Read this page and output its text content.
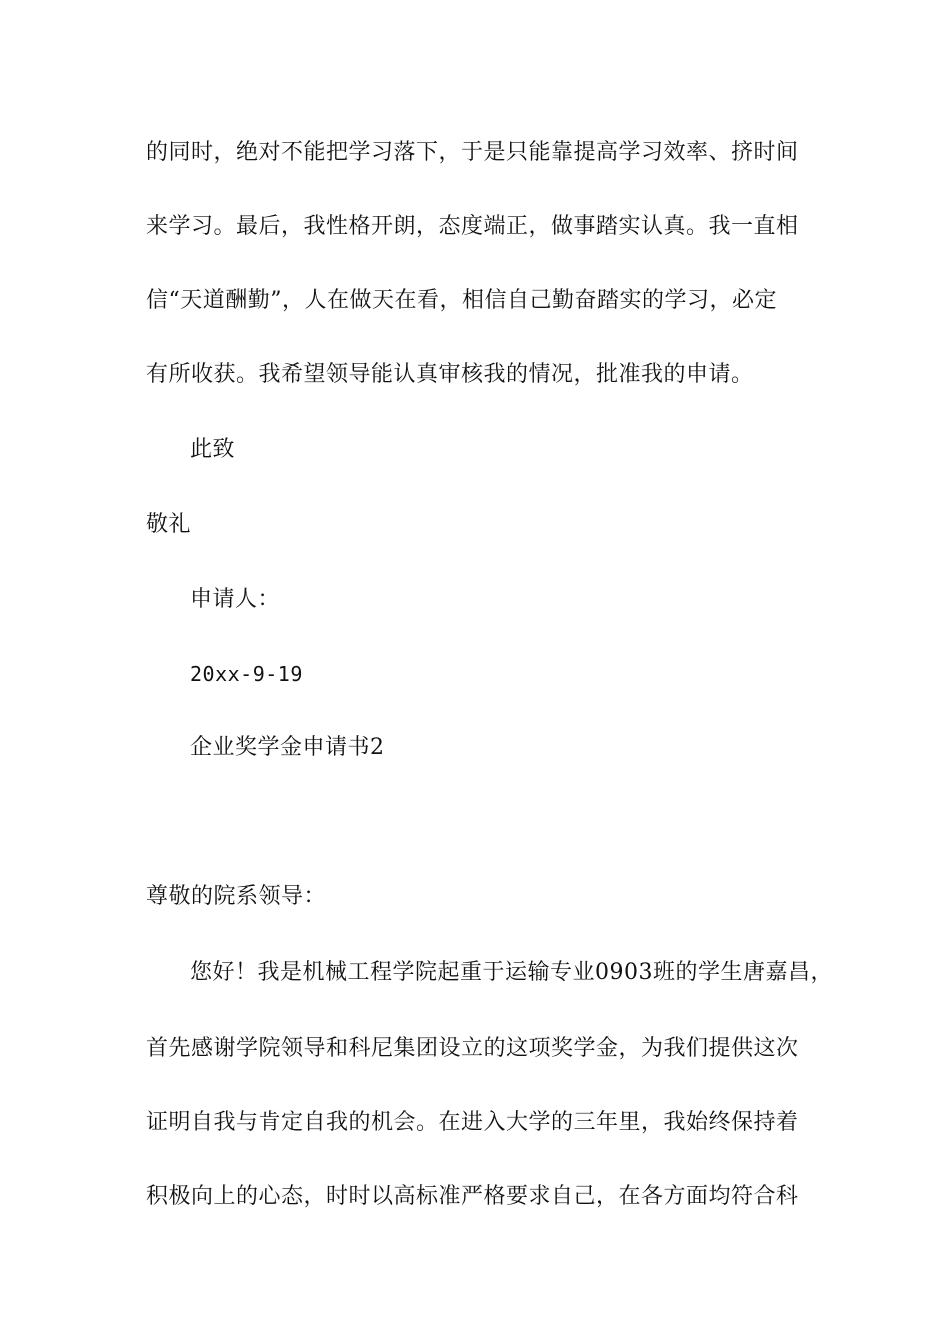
的同时，绝对不能把学习落下，于是只能靠提高学习效率、挤时间
来学习。最后，我性格开朗，态度端正，做事踏实认真。我一直相
信“天道酬勤”，人在做天在看，相信自己勤奋踏实的学习，必定
有所收获。我希望领导能认真审核我的情况，批准我的申请。
此致
敬礼
申请人：
20xx-9-19
企业奖学金申请书2
尊敬的院系领导：
您好！我是机械工程学院起重于运输专业0903班的学生唐嘉昌，
首先感谢学院领导和科尼集团设立的这项奖学金，为我们提供这次
证明自我与肯定自我的机会。在进入大学的三年里，我始终保持着
积极向上的心态，时时以高标准严格要求自己，在各方面均符合科
